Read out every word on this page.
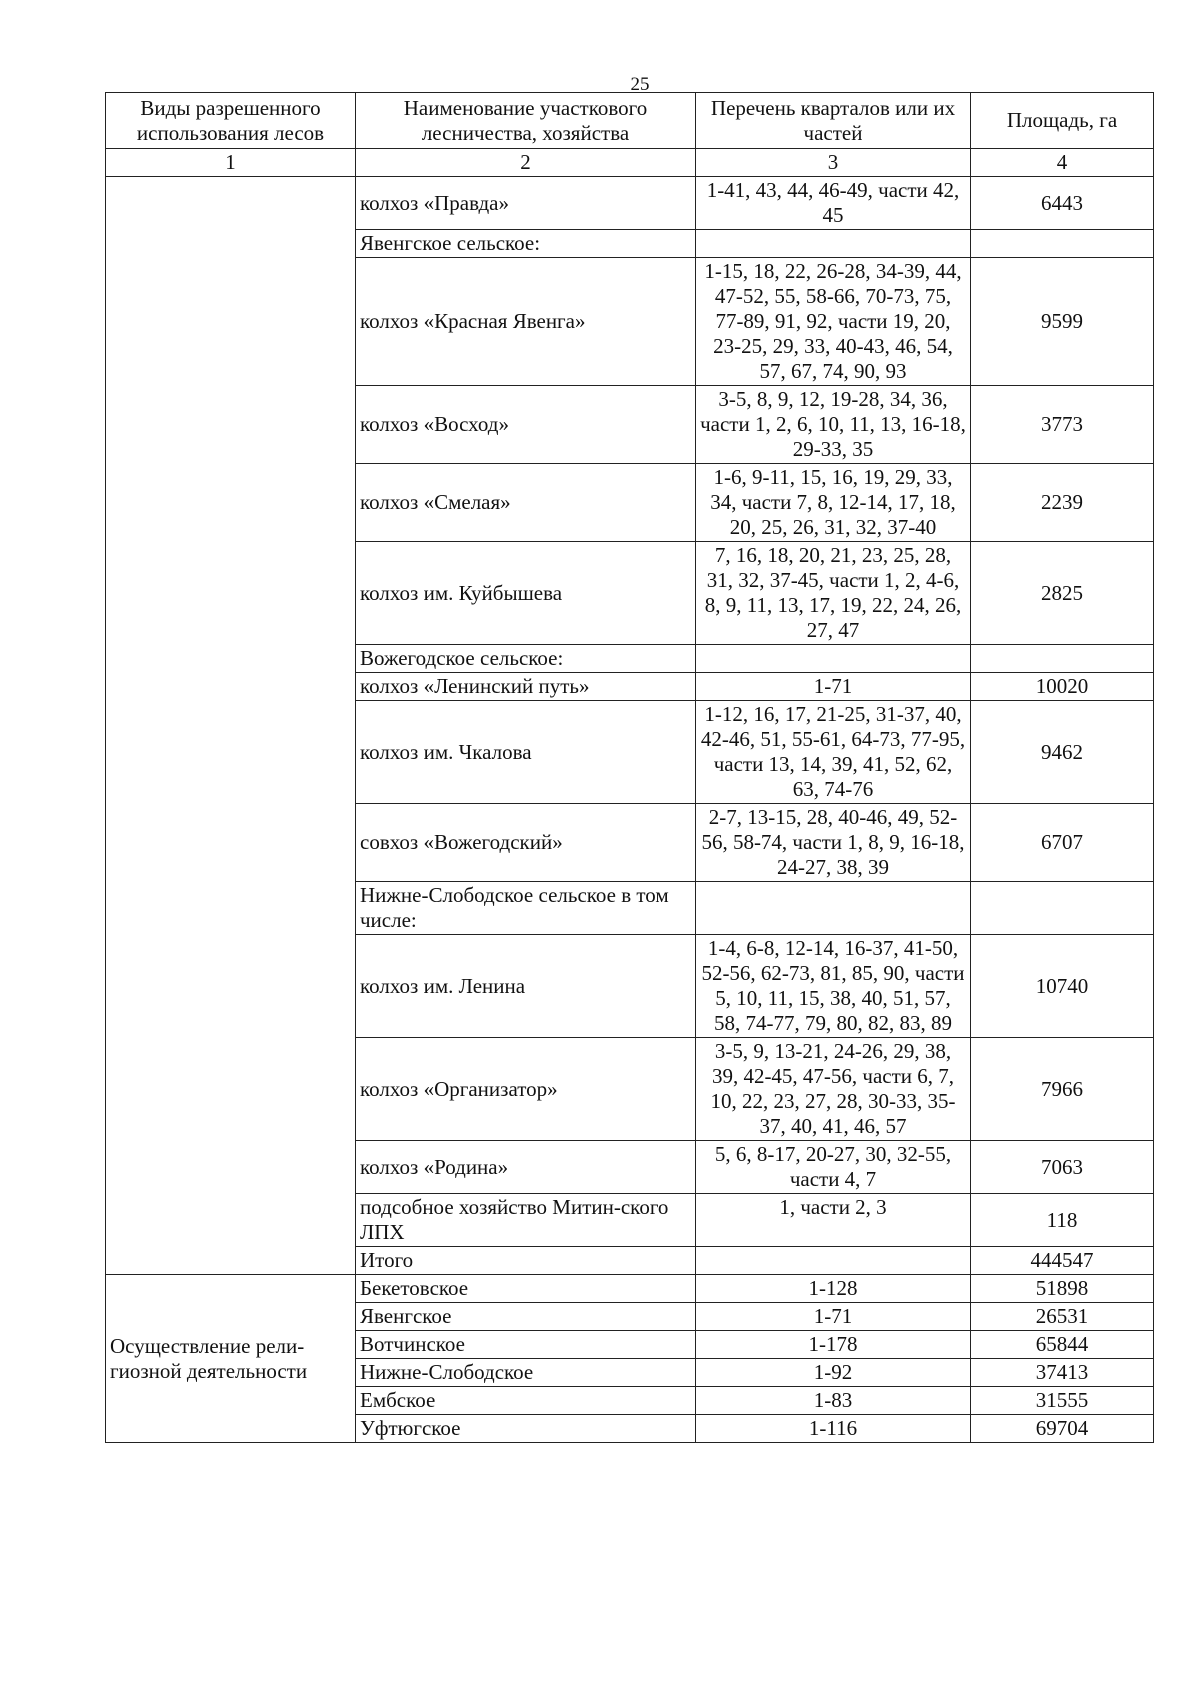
25
Виды разрешенного использования лесов	Наименование участкового лесничества, хозяйства	Перечень кварталов или их частей	Площадь, га
1	2	3	4
	колхоз «Правда»	1-41, 43, 44, 46-49, части 42, 45	6443
	Явенгское сельское:		
	колхоз «Красная Явенга»	1-15, 18, 22, 26-28, 34-39, 44, 47-52, 55, 58-66, 70-73, 75, 77-89, 91, 92, части 19, 20, 23-25, 29, 33, 40-43, 46, 54, 57, 67, 74, 90, 93	9599
	колхоз «Восход»	3-5, 8, 9, 12, 19-28, 34, 36, части 1, 2, 6, 10, 11, 13, 16-18, 29-33, 35	3773
	колхоз «Смелая»	1-6, 9-11, 15, 16, 19, 29, 33, 34, части 7, 8, 12-14, 17, 18, 20, 25, 26, 31, 32, 37-40	2239
	колхоз им. Куйбышева	7, 16, 18, 20, 21, 23, 25, 28, 31, 32, 37-45, части 1, 2, 4-6, 8, 9, 11, 13, 17, 19, 22, 24, 26, 27, 47	2825
	Вожегодское сельское:		
	колхоз «Ленинский путь»	1-71	10020
	колхоз им. Чкалова	1-12, 16, 17, 21-25, 31-37, 40, 42-46, 51, 55-61, 64-73, 77-95, части 13, 14, 39, 41, 52, 62, 63, 74-76	9462
	совхоз «Вожегодский»	2-7, 13-15, 28, 40-46, 49, 52-56, 58-74, части 1, 8, 9, 16-18, 24-27, 38, 39	6707
	Нижне-Слободское сельское в том числе:		
	колхоз им. Ленина	1-4, 6-8, 12-14, 16-37, 41-50, 52-56, 62-73, 81, 85, 90, части 5, 10, 11, 15, 38, 40, 51, 57, 58, 74-77, 79, 80, 82, 83, 89	10740
	колхоз «Организатор»	3-5, 9, 13-21, 24-26, 29, 38, 39, 42-45, 47-56, части 6, 7, 10, 22, 23, 27, 28, 30-33, 35-37, 40, 41, 46, 57	7966
	колхоз «Родина»	5, 6, 8-17, 20-27, 30, 32-55, части 4, 7	7063
	подсобное хозяйство Митин-ского ЛПХ	1, части 2, 3	118
	Итого		444547
Осуществление рели-гиозной деятельности	Бекетовское	1-128	51898
	Явенгское	1-71	26531
	Вотчинское	1-178	65844
	Нижне-Слободское	1-92	37413
	Ембское	1-83	31555
	Уфтюгское	1-116	69704
